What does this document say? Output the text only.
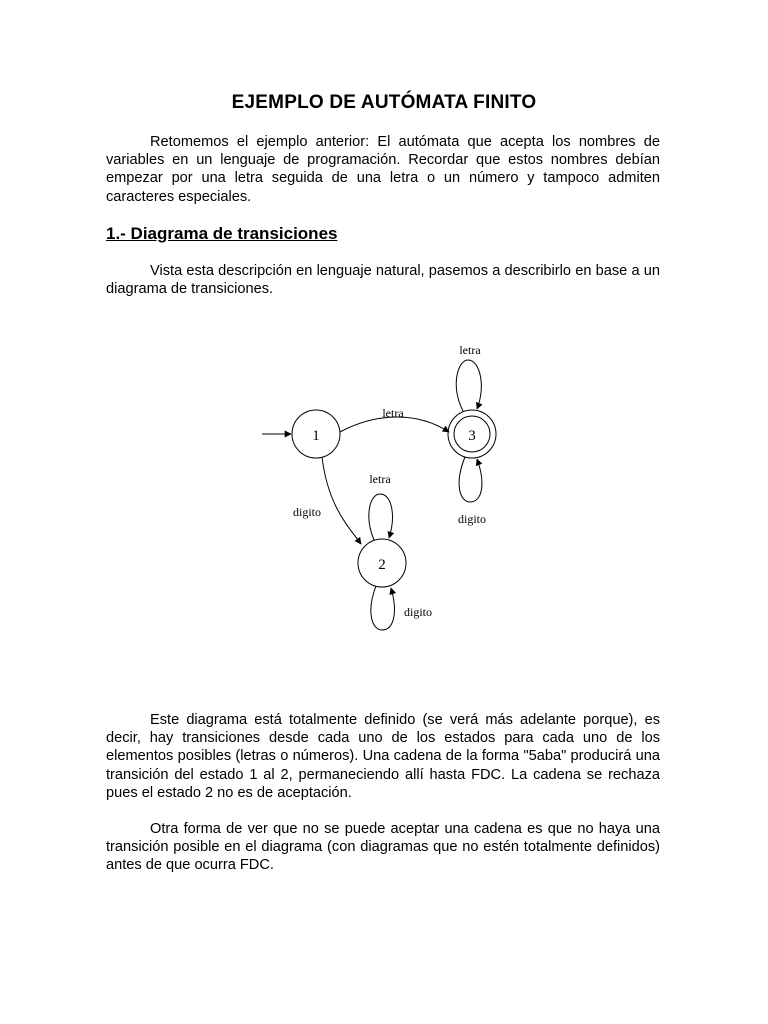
EJEMPLO DE AUTÓMATA FINITO

Retomemos el ejemplo anterior: El autómata que acepta los nombres de variables en un lenguaje de programación. Recordar que estos nombres debían empezar por una letra seguida de una letra o un número y tampoco admiten caracteres especiales.

1.- Diagrama de transiciones

Vista esta descripción en lenguaje natural, pasemos a describirlo en base a un diagrama de transiciones.

1	3
2
letra
digito
letra
digito
letra
digito

Este diagrama está totalmente definido (se verá más adelante porque), es decir, hay transiciones desde cada uno de los estados para cada uno de los elementos posibles (letras o números). Una cadena de la forma "5aba" producirá una transición del estado 1 al 2, permaneciendo allí hasta FDC. La cadena se rechaza pues el estado 2 no es de aceptación.

Otra forma de ver que no se puede aceptar una cadena es que no haya una transición posible en el diagrama (con diagramas que no estén totalmente definidos) antes de que ocurra FDC.
